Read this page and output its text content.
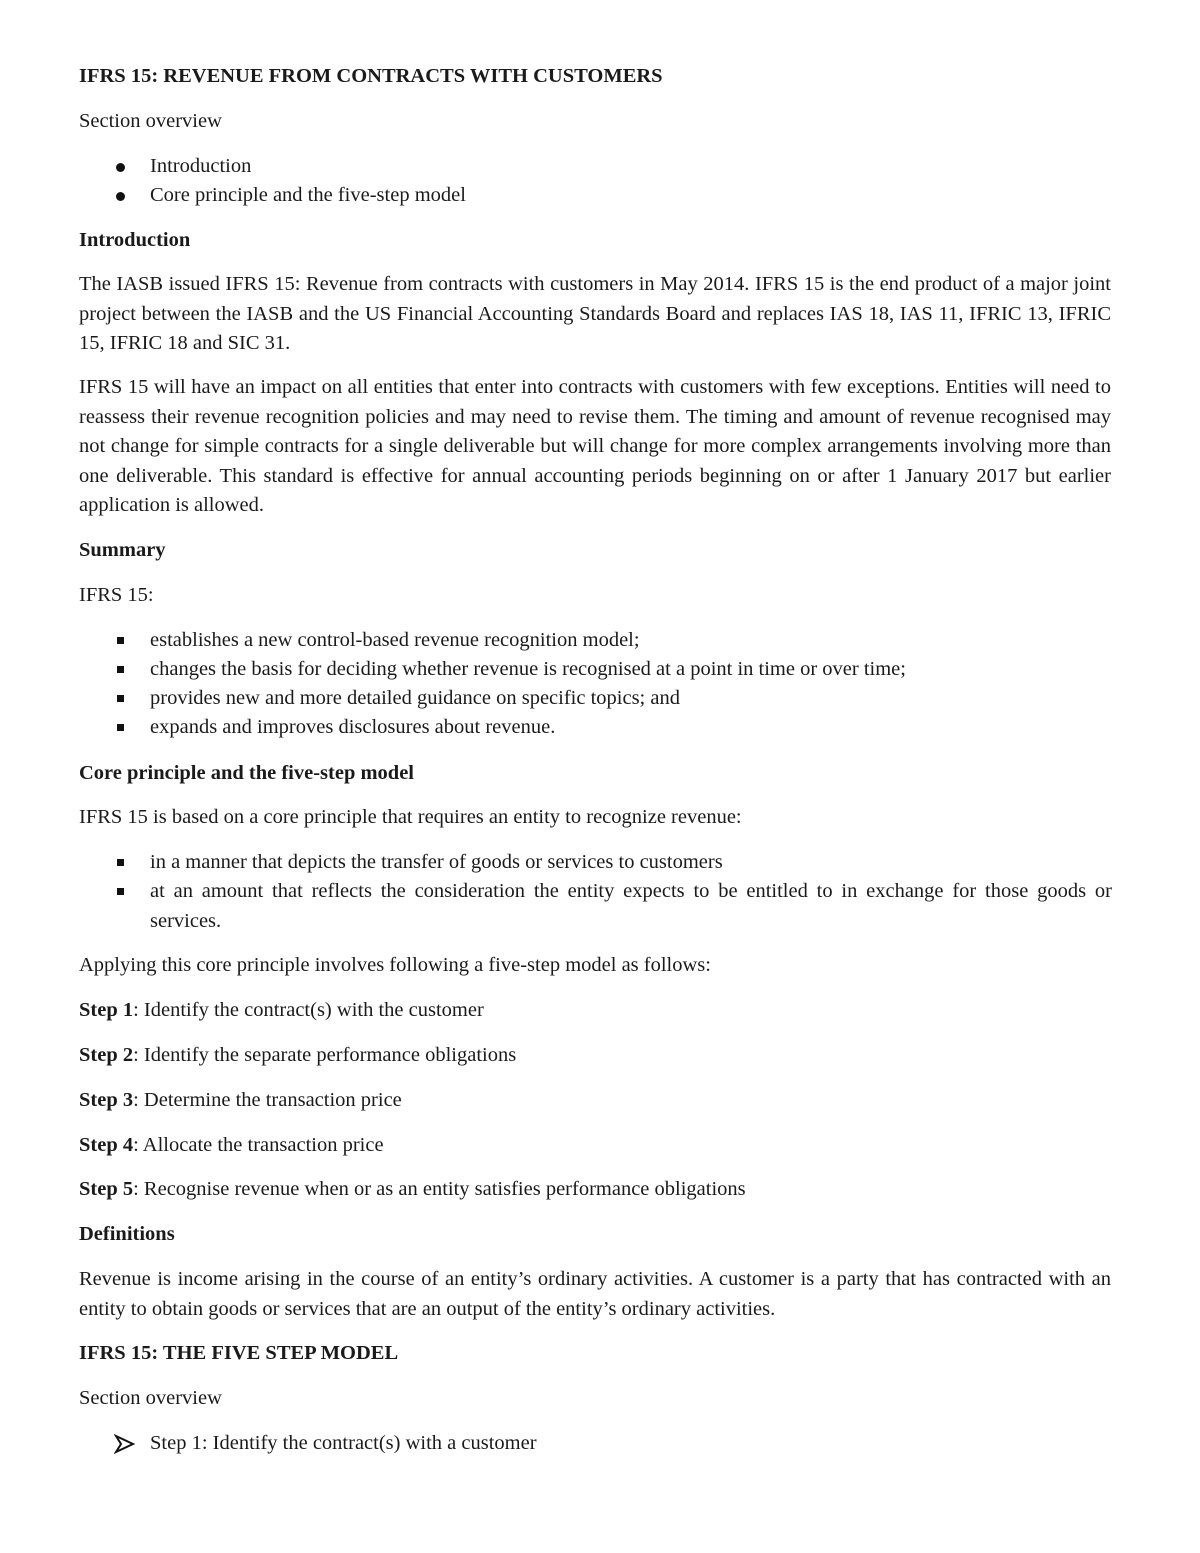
IFRS 15: REVENUE FROM CONTRACTS WITH CUSTOMERS

Section overview

Introduction
Core principle and the five-step model

Introduction

The IASB issued IFRS 15: Revenue from contracts with customers in May 2014. IFRS 15 is the end product of a major joint project between the IASB and the US Financial Accounting Standards Board and replaces IAS 18, IAS 11, IFRIC 13, IFRIC 15, IFRIC 18 and SIC 31.

IFRS 15 will have an impact on all entities that enter into contracts with customers with few exceptions. Entities will need to reassess their revenue recognition policies and may need to revise them. The timing and amount of revenue recognised may not change for simple contracts for a single deliverable but will change for more complex arrangements involving more than one deliverable. This standard is effective for annual accounting periods beginning on or after 1 January 2017 but earlier application is allowed.

Summary

IFRS 15:

establishes a new control-based revenue recognition model;
changes the basis for deciding whether revenue is recognised at a point in time or over time;
provides new and more detailed guidance on specific topics; and
expands and improves disclosures about revenue.

Core principle and the five-step model

IFRS 15 is based on a core principle that requires an entity to recognize revenue:

in a manner that depicts the transfer of goods or services to customers
at an amount that reflects the consideration the entity expects to be entitled to in exchange for those goods or services.

Applying this core principle involves following a five-step model as follows:

Step 1: Identify the contract(s) with the customer

Step 2: Identify the separate performance obligations

Step 3: Determine the transaction price

Step 4: Allocate the transaction price

Step 5: Recognise revenue when or as an entity satisfies performance obligations

Definitions

Revenue is income arising in the course of an entity’s ordinary activities. A customer is a party that has contracted with an entity to obtain goods or services that are an output of the entity’s ordinary activities.

IFRS 15: THE FIVE STEP MODEL

Section overview

Step 1: Identify the contract(s) with a customer
